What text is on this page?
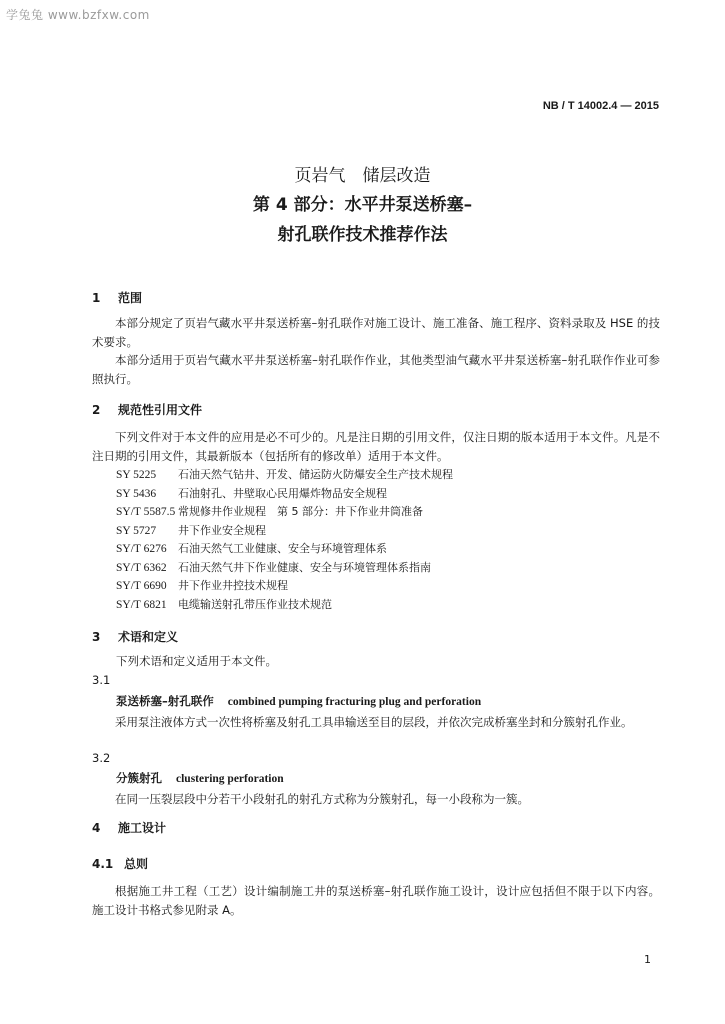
学兔兔 www.bzfxw.com
NB / T 14002.4 — 2015
页岩气　储层改造
第 4 部分：水平井泵送桥塞–
射孔联作技术推荐作法
1 范围
本部分规定了页岩气藏水平井泵送桥塞–射孔联作对施工设计、施工准备、施工程序、资料录取及 HSE 的技术要求。
本部分适用于页岩气藏水平井泵送桥塞–射孔联作作业，其他类型油气藏水平井泵送桥塞–射孔联作作业可参照执行。
2 规范性引用文件
下列文件对于本文件的应用是必不可少的。凡是注日期的引用文件，仅注日期的版本适用于本文件。凡是不注日期的引用文件，其最新版本（包括所有的修改单）适用于本文件。
SY 5225 石油天然气钻井、开发、储运防火防爆安全生产技术规程
SY 5436 石油射孔、井壁取心民用爆炸物品安全规程
SY/T 5587.5 常规修井作业规程　第 5 部分：井下作业井筒准备
SY 5727 井下作业安全规程
SY/T 6276 石油天然气工业健康、安全与环境管理体系
SY/T 6362 石油天然气井下作业健康、安全与环境管理体系指南
SY/T 6690 井下作业井控技术规程
SY/T 6821 电缆输送射孔带压作业技术规范
3 术语和定义
下列术语和定义适用于本文件。
3.1
泵送桥塞–射孔联作 combined pumping fracturing plug and perforation
采用泵注液体方式一次性将桥塞及射孔工具串输送至目的层段，并依次完成桥塞坐封和分簇射孔作业。
3.2
分簇射孔 clustering perforation
在同一压裂层段中分若干小段射孔的射孔方式称为分簇射孔，每一小段称为一簇。
4 施工设计
4.1 总则
根据施工井工程（工艺）设计编制施工井的泵送桥塞–射孔联作施工设计，设计应包括但不限于以下内容。施工设计书格式参见附录 A。
1
